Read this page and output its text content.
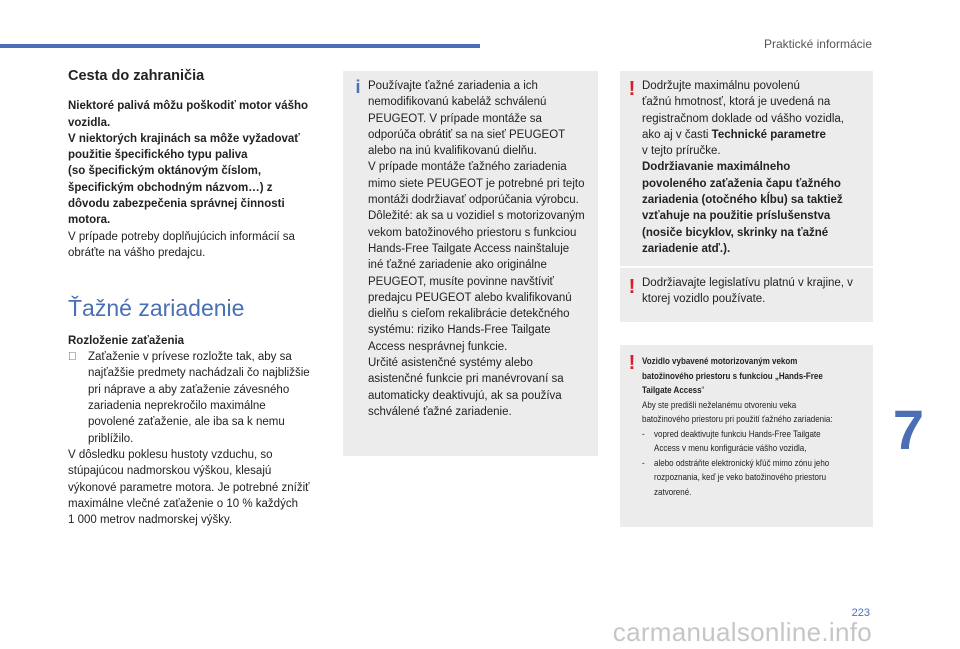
Praktické informácie
7
223
carmanualsonline.info
Cesta do zahraničia
Niektoré palivá môžu poškodiť motor vášho
vozidla.
V niektorých krajinách sa môže vyžadovať
použitie špecifického typu paliva
(so špecifickým oktánovým číslom,
špecifickým obchodným názvom…) z
dôvodu zabezpečenia správnej činnosti
motora.
V prípade potreby doplňujúcich informácií sa
obráťte na vášho predajcu.
Ťažné zariadenie
Rozloženie zaťaženia
Zaťaženie v prívese rozložte tak, aby sa
najťažšie predmety nachádzali čo najbližšie
pri náprave a aby zaťaženie závesného
zariadenia neprekročilo maximálne
povolené zaťaženie, ale iba sa k nemu
priblížilo.
V dôsledku poklesu hustoty vzduchu, so
stúpajúcou nadmorskou výškou, klesajú
výkonové parametre motora. Je potrebné znížiť
maximálne vlečné zaťaženie o 10 % každých
1 000 metrov nadmorskej výšky.
i Používajte ťažné zariadenia a ich
nemodifikovanú kabeláž schválenú
PEUGEOT. V prípade montáže sa
odporúča obrátiť sa na sieť PEUGEOT
alebo na inú kvalifikovanú dielňu.
V prípade montáže ťažného zariadenia
mimo siete PEUGEOT je potrebné pri tejto
montáži dodržiavať odporúčania výrobcu.
Dôležité: ak sa u vozidiel s motorizovaným
vekom batožinového priestoru s funkciou
Hands-Free Tailgate Access nainštaluje
iné ťažné zariadenie ako originálne
PEUGEOT, musíte povinne navštíviť
predajcu PEUGEOT alebo kvalifikovanú
dielňu s cieľom rekalibrácie detekčného
systému: riziko Hands-Free Tailgate
Access nesprávnej funkcie.
Určité asistenčné systémy alebo
asistenčné funkcie pri manévrovaní sa
automaticky deaktivujú, ak sa používa
schválené ťažné zariadenie.
! Dodržujte maximálnu povolenú
ťažnú hmotnosť, ktorá je uvedená na
registračnom doklade od vášho vozidla,
ako aj v časti Technické parametre
v tejto príručke.
Dodržiavanie maximálneho
povoleného zaťaženia čapu ťažného
zariadenia (otočného kĺbu) sa taktiež
vzťahuje na použitie príslušenstva
(nosiče bicyklov, skrinky na ťažné
zariadenie atď.).
! Dodržiavajte legislatívu platnú v krajine, v
ktorej vozidlo používate.
! Vozidlo vybavené motorizovaným vekom
batožinového priestoru s funkciou „Hands-Free
Tailgate Access“
Aby ste predišli neželanému otvoreniu veka
batožinového priestoru pri použití ťažného zariadenia:
-	vopred deaktivujte funkciu Hands-Free Tailgate
Access v menu konfigurácie vášho vozidla,
-	alebo odstráňte elektronický kľúč mimo zónu jeho
rozpoznania, keď je veko batožinového priestoru
zatvorené.
